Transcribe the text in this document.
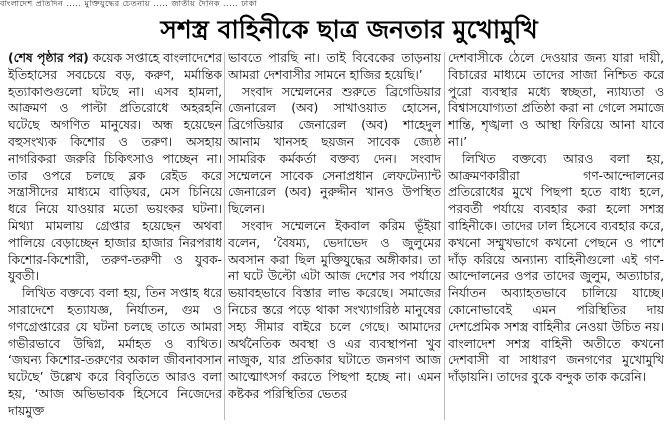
বাংলাদেশ প্রতিদিন ..... মুক্তিযুদ্ধের চেতনায় ..... জাতীয় দৈনিক ..... ঢাকা
সশস্ত্র বাহিনীকে ছাত্র জনতার মুখোমুখি

(শেষ পৃষ্ঠার পর) কয়েক সপ্তাহে বাংলাদেশের ইতিহাসের সবচেয়ে বড়, করুণ, মর্মান্তিক হত্যাকাণ্ডগুলো ঘটছে না। এসব হামলা, আক্রমণ ও পাল্টা প্রতিরোধে অহরহনি ঘটেছে অগণিত মানুষের। অন্ধ হয়েছেন বহুসংখ্যক কিশোর ও তরুণ। অসহায় নাগরিকরা জরুরি চিকিৎসাও পাচ্ছেন না। তার ওপরে চলছে ব্লক রেইড করে সন্ত্রাসীদের মাধ্যমে বাড়িঘর, মেস চিনিয়ে ধরে নিয়ে যাওয়ার মতো ভয়ংকর ঘটনা। মিথ্যা মামলায় গ্রেপ্তার হয়েছেন অথবা পালিয়ে বেড়াচ্ছেন হাজার হাজার নিরপরাধ কিশোর-কিশোরী, তরুণ-তরুণী ও যুবক-যুবতী।

লিখিত বক্তব্যে বলা হয়, তিন সপ্তাহ ধরে সারাদেশে হত্যাযজ্ঞ, নির্যাতন, গুম ও গণগ্রেপ্তারের যে ঘটনা চলছে তাতে আমরা গভীরভাবে উদ্বিগ্ন, মর্মাহত ও ব্যথিত। ‘জঘন্য কিশোর-তরুণের অকাল জীবনাবসান ঘটেছে’ উল্লেখ করে বিবৃতিতে আরও বলা হয়, ‘আজ অভিভাবক হিসেবে নিজেদের দায়মুক্ত

ভাবতে পারছি না। তাই বিবেকের তাড়নায় আমরা দেশবাসীর সামনে হাজির হয়েছি।’

সংবাদ সম্মেলনের শুরুতে ব্রিগেডিয়ার জেনারেল (অব) সাখাওয়াত হোসেন, ব্রিগেডিয়ার জেনারেল (অব) শাহেদুল আনাম খানসহ ছয়জন সাবেক জ্যেষ্ঠ সামরিক কর্মকর্তা বক্তব্য দেন। সংবাদ সম্মেলনে সাবেক সেনাপ্রধান লেফটেন্যান্ট জেনারেল (অব) নুরুদ্দীন খানও উপস্থিত ছিলেন।

সংবাদ সম্মেলনে ইকবাল করিম ভূঁইয়া বলেন, ‘বৈষম্য, ভেদাভেদ ও জুলুমের অবসান করা ছিল মুক্তিযুদ্ধের অঙ্গীকার। তা না ঘটে উল্টো এটা আজ দেশের সব পর্যায়ে ভয়াবহভাবে বিস্তার লাভ করেছে। সমাজের নিচের স্তরে পড়ে থাকা সংখ্যাগরিষ্ঠ মানুষের সহ্য সীমার বাইরে চলে গেছে। আমাদের অর্থনৈতিক অবস্থা ও এর ব্যবস্থাপনা খুব নাজুক, যার প্রতিকার ঘটাতে জনগণ আজ আত্মোৎসর্গ করতে পিছপা হচ্ছে না। এমন কষ্টকর পরিস্থিতির ভেতর

দেশবাসীকে ঠেলে দেওয়ার জন্য যারা দায়ী, বিচারের মাধ্যমে তাদের সাজা নিশ্চিত করে পুরো ব্যবস্থার মধ্যে স্বচ্ছতা, ন্যায্যতা ও বিশ্বাসযোগ্যতা প্রতিষ্ঠা করা না গেলে সমাজে শান্তি, শৃঙ্খলা ও আস্থা ফিরিয়ে আনা যাবে না।’

লিখিত বক্তব্যে আরও বলা হয়, আক্রমণকারীরা গণ-আন্দোলনের প্রতিরোধের মুখে পিছপা হতে বাধ্য হলে, পরবর্তী পর্যায়ে ব্যবহার করা হলো সশস্ত্র বাহিনীকে। তাদের ঢাল হিসেবে ব্যবহার করে, কখনো সম্মুখভাগে কখনো পেছনে ও পাশে দাঁড় করিয়ে অন্যান্য বাহিনীগুলো এই গণ-আন্দোলনের ওপর তাদের জুলুম, অত্যাচার, নির্যাতন অব্যাহতভাবে চালিয়ে যাচ্ছে। কোনোভাবেই এমন পরিস্থিতির দায় দেশপ্রেমিক সশস্ত্র বাহিনীর নেওয়া উচিত নয়। বাংলাদেশ সশস্ত্র বাহিনী অতীতে কখনো দেশবাসী বা সাধারণ জনগণের মুখোমুখি দাঁড়ায়নি। তাদের বুকে বন্দুক তাক করেনি।
